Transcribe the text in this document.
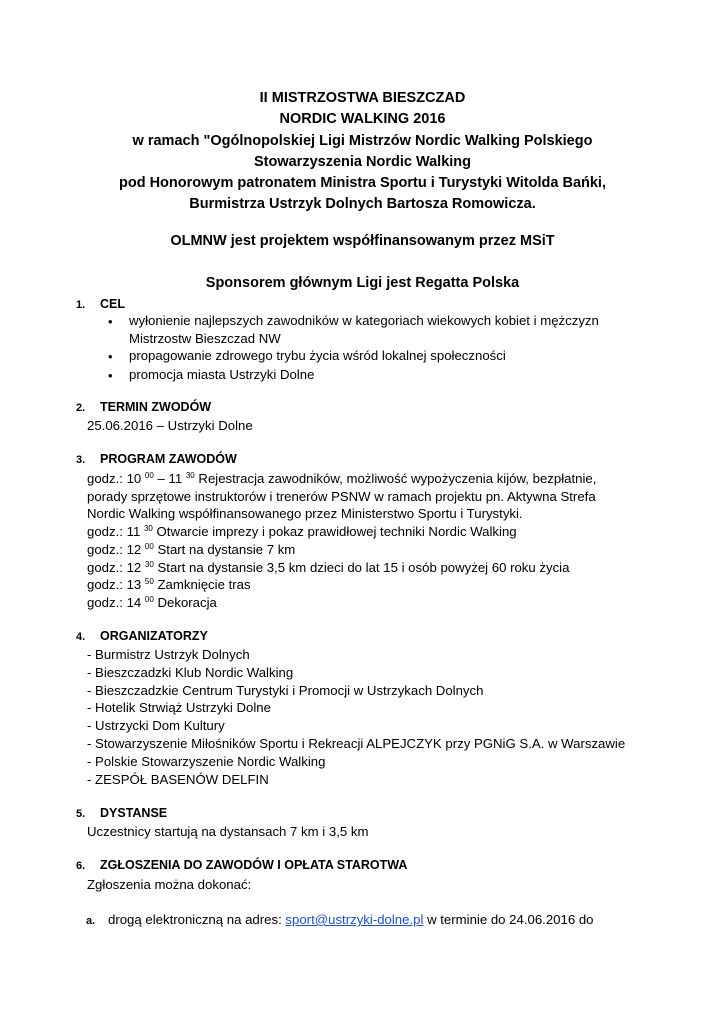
II MISTRZOSTWA BIESZCZAD
NORDIC WALKING 2016
w ramach "Ogólnopolskiej Ligi Mistrzów Nordic Walking Polskiego
Stowarzyszenia Nordic Walking
pod Honorowym patronatem Ministra Sportu i Turystyki Witolda Bańki,
Burmistrza Ustrzyk Dolnych Bartosza Romowicza.
OLMNW jest projektem współfinansowanym przez MSiT
Sponsorem głównym Ligi jest Regatta Polska
1. CEL
• wyłonienie najlepszych zawodników w kategoriach wiekowych kobiet i mężczyzn
Mistrzostw Bieszczad NW
• propagowanie zdrowego trybu życia wśród lokalnej społeczności
• promocja miasta Ustrzyki Dolne
2. TERMIN ZWODÓW
25.06.2016 – Ustrzyki Dolne
3. PROGRAM ZAWODÓW
godz.: 10 $^{00}$ – 11 $^{30}$ Rejestracja zawodników, możliwość wypożyczenia kijów, bezpłatnie,
porady sprzętowe instruktorów i trenerów PSNW w ramach projektu pn. Aktywna Strefa
Nordic Walking współfinansowanego przez Ministerstwo Sportu i Turystyki.
godz.: 11 $^{30}$ Otwarcie imprezy i pokaz prawidłowej techniki Nordic Walking
godz.: 12 $^{00}$ Start na dystansie 7 km
godz.: 12 $^{30}$ Start na dystansie 3,5 km dzieci do lat 15 i osób powyżej 60 roku życia
godz.: 13 $^{50}$ Zamknięcie tras
godz.: 14 $^{00}$ Dekoracja
4. ORGANIZATORZY
- Burmistrz Ustrzyk Dolnych
- Bieszczadzki Klub Nordic Walking
- Bieszczadzkie Centrum Turystyki i Promocji w Ustrzykach Dolnych
- Hotelik Strwiąż Ustrzyki Dolne
- Ustrzycki Dom Kultury
- Stowarzyszenie Miłośników Sportu i Rekreacji ALPEJCZYK przy PGNiG S.A. w Warszawie
- Polskie Stowarzyszenie Nordic Walking
- ZESPÓŁ BASENÓW DELFIN
5. DYSTANSE
Uczestnicy startują na dystansach 7 km i 3,5 km
6. ZGŁOSZENIA DO ZAWODÓW I OPŁATA STAROTWA
Zgłoszenia można dokonać:
a. drogą elektroniczną na adres: sport@ustrzyki-dolne.pl w terminie do 24.06.2016 do
